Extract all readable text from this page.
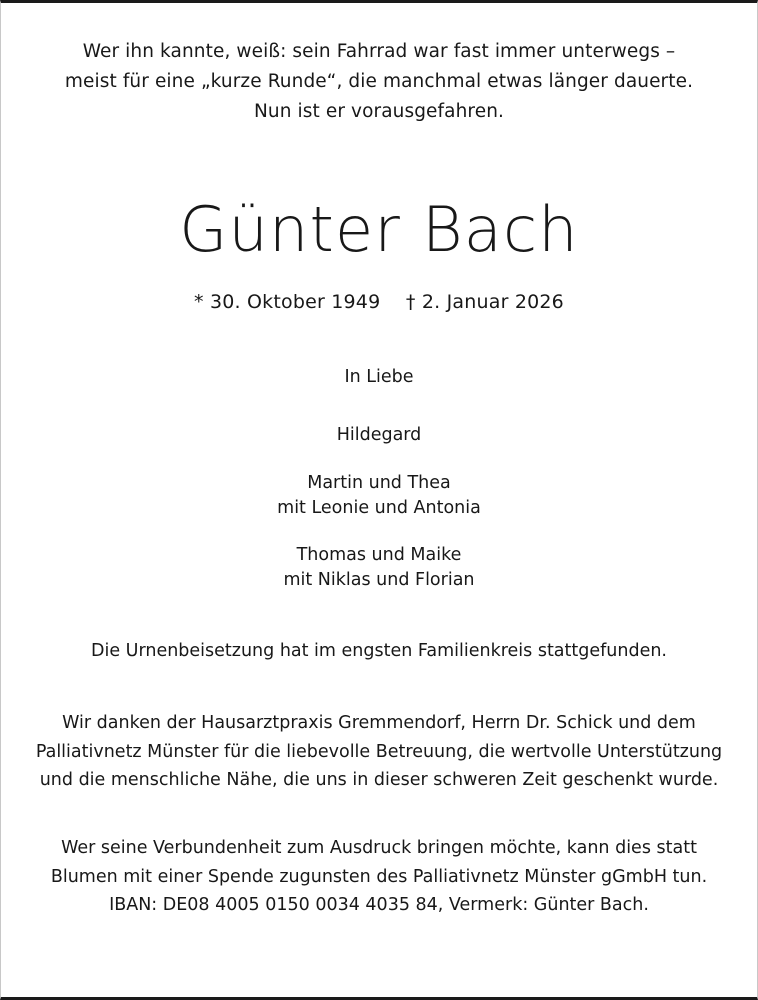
Wer ihn kannte, weiß: sein Fahrrad war fast immer unterwegs –
meist für eine „kurze Runde“, die manchmal etwas länger dauerte.
Nun ist er vorausgefahren.
Günter Bach
* 30. Oktober 1949 † 2. Januar 2026
In Liebe
Hildegard
Martin und Thea
mit Leonie und Antonia
Thomas und Maike
mit Niklas und Florian
Die Urnenbeisetzung hat im engsten Familienkreis stattgefunden.
Wir danken der Hausarztpraxis Gremmendorf, Herrn Dr. Schick und dem
Palliativnetz Münster für die liebevolle Betreuung, die wertvolle Unterstützung
und die menschliche Nähe, die uns in dieser schweren Zeit geschenkt wurde.
Wer seine Verbundenheit zum Ausdruck bringen möchte, kann dies statt
Blumen mit einer Spende zugunsten des Palliativnetz Münster gGmbH tun.
IBAN: DE08 4005 0150 0034 4035 84, Vermerk: Günter Bach.
